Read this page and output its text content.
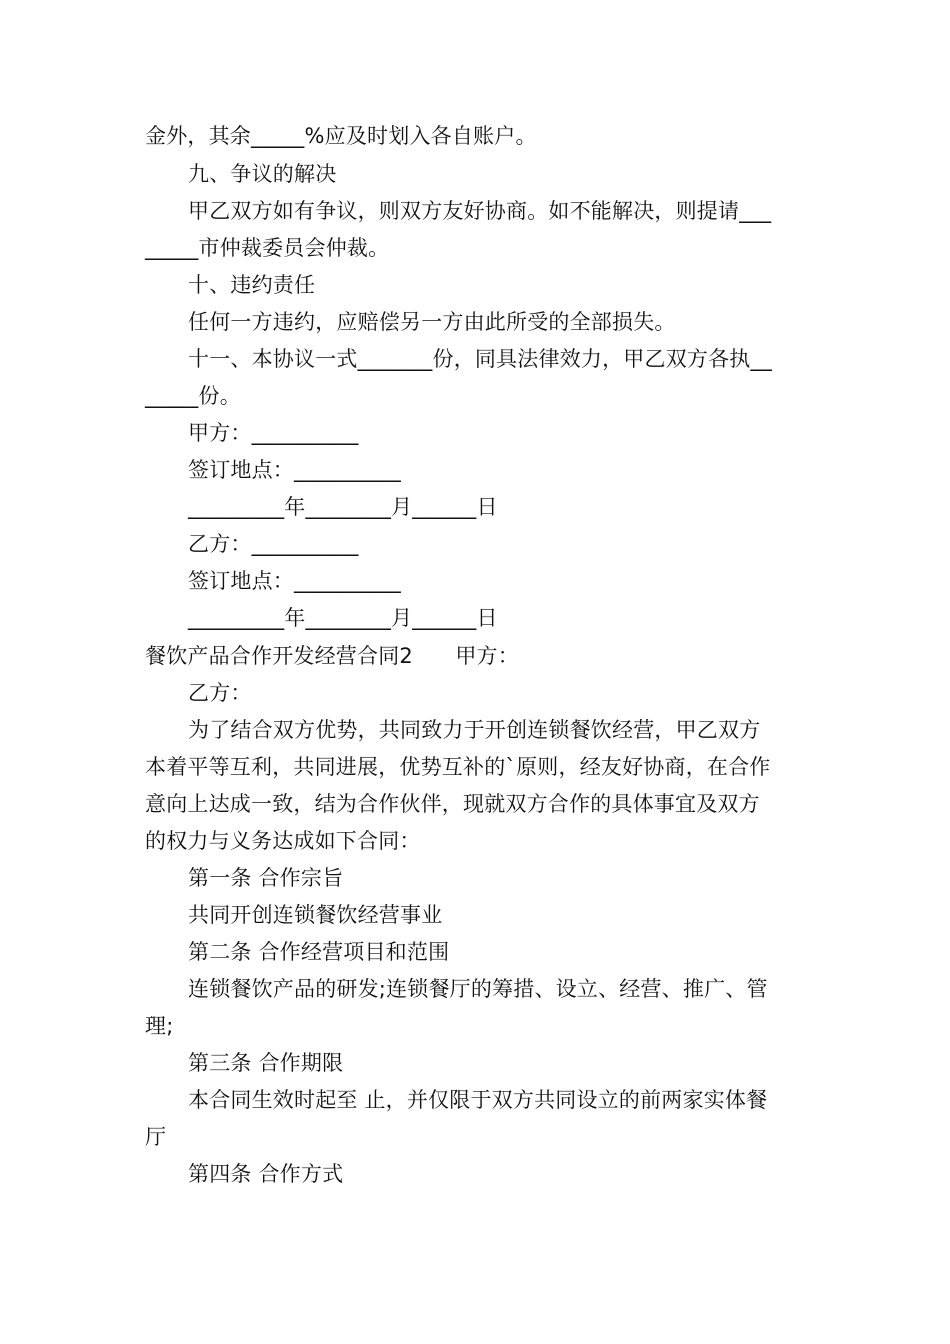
金外，其余_____%应及时划入各自账户。
九、争议的解决
甲乙双方如有争议，则双方友好协商。如不能解决，则提请___
_____市仲裁委员会仲裁。
十、违约责任
任何一方违约，应赔偿另一方由此所受的全部损失。
十一、本协议一式_______份，同具法律效力，甲乙双方各执__
_____份。
甲方：__________
签订地点：__________
_________年________月______日
乙方：__________
签订地点：__________
_________年________月______日
餐饮产品合作开发经营合同2　　甲方：
乙方：
为了结合双方优势，共同致力于开创连锁餐饮经营，甲乙双方
本着平等互利，共同进展，优势互补的`原则，经友好协商，在合作
意向上达成一致，结为合作伙伴，现就双方合作的具体事宜及双方
的权力与义务达成如下合同：
第一条 合作宗旨
共同开创连锁餐饮经营事业
第二条 合作经营项目和范围
连锁餐饮产品的研发;连锁餐厅的筹措、设立、经营、推广、管
理;
第三条 合作期限
本合同生效时起至 止，并仅限于双方共同设立的前两家实体餐
厅
第四条 合作方式
